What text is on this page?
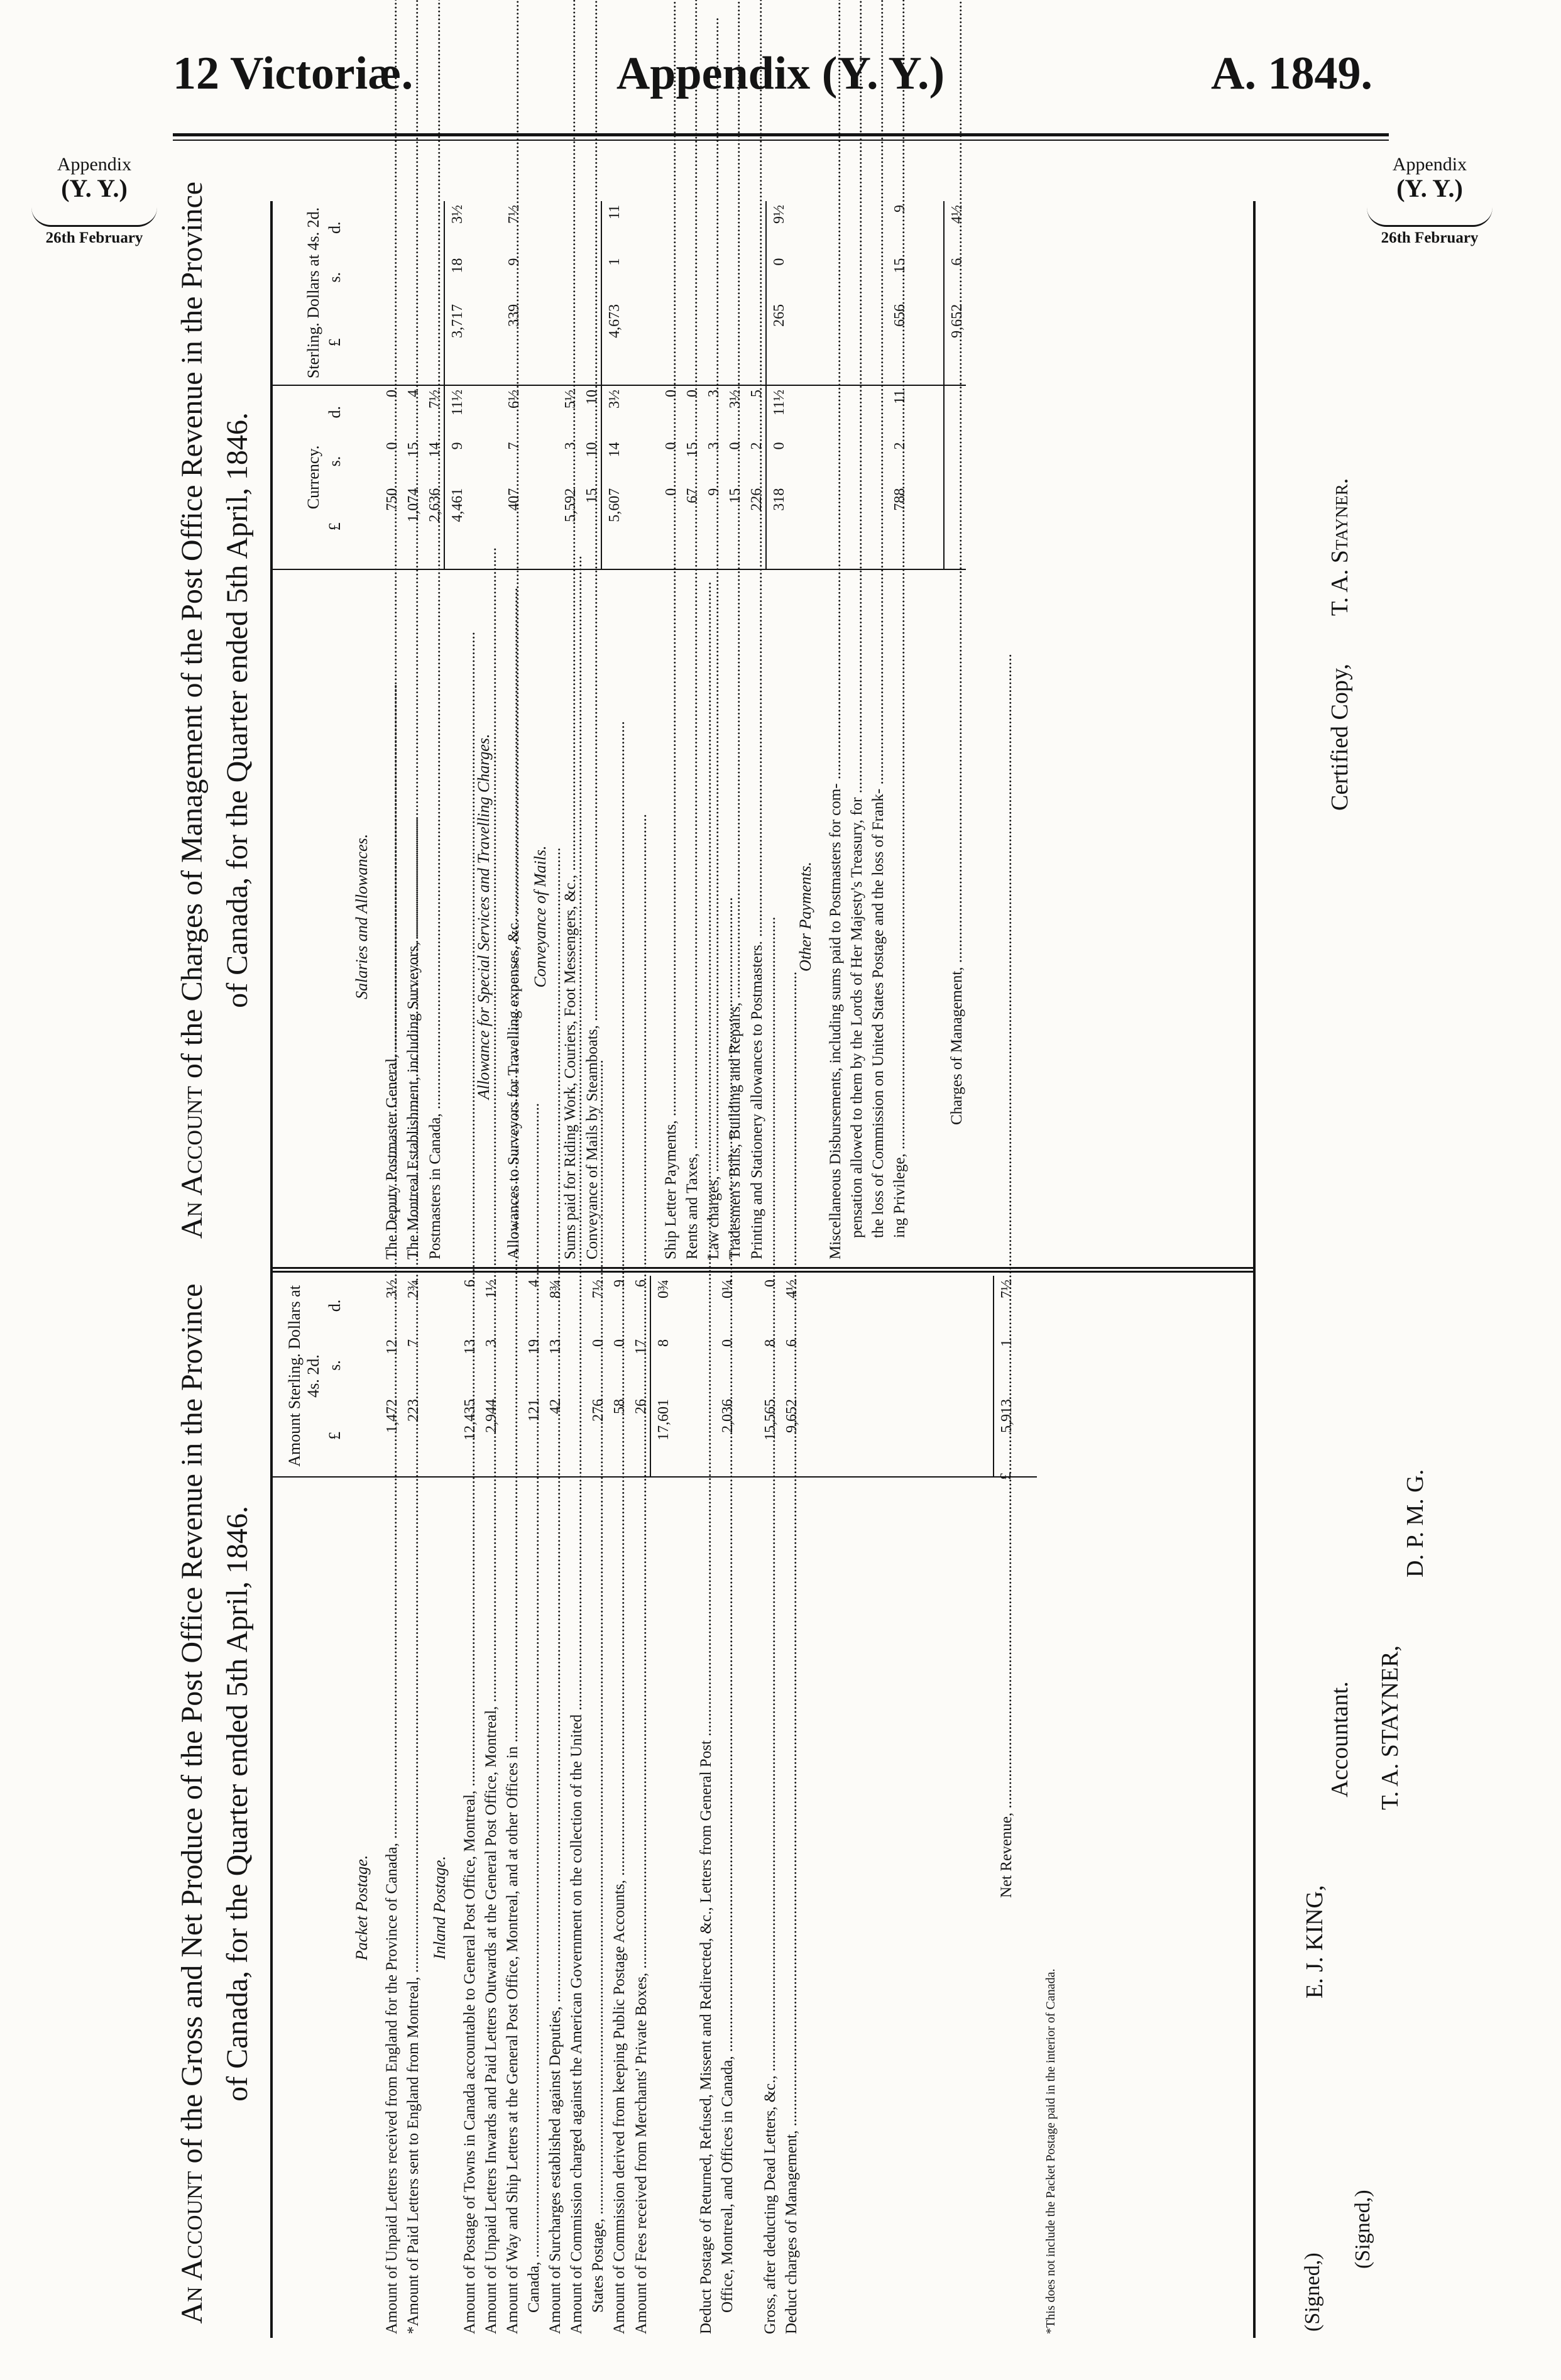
12 Victoriæ.	Appendix (Y. Y.)	A. 1849.
Appendix
(Y. Y.)
26th February
Appendix
(Y. Y.)
26th February
An Account of the Gross and Net Produce of the Post Office Revenue in the Province of Canada, for the Quarter ended 5th April, 1846.
An Account of the Charges of Management of the Post Office Revenue in the Province of Canada, for the Quarter ended 5th April, 1846.
	Amount Sterling. Dollars at 4s. 2d.		
	£	s.	d.
Packet Postage.			
Amount of Unpaid Letters received from England for the Province of Canada, .....	1,472	12	3½
*Amount of Paid Letters sent to England from Montreal, .....	223	7	2¾
Inland Postage.			
Amount of Postage of Towns in Canada accountable to General Post Office, Montreal, .....	12,435	13	6
Amount of Unpaid Letters Inwards and Paid Letters Outwards at the General Post Office, Montreal, .....	2,944	3	1½
Amount of Way and Ship Letters at the General Post Office, Montreal, and at other Offices in .....			
Canada, .....	121	19	4
Amount of Surcharges established against Deputies, .....	42	13	8¾
Amount of Commission charged against the American Government on the collection of the United .....			
States Postage, .....	276	0	7½
Amount of Commission derived from keeping Public Postage Accounts, .....	58	0	9
Amount of Fees received from Merchants' Private Boxes, .....	26	17	6
	17,601	8	0¾

Deduct Postage of Returned, Refused, Missent and Redirected, &c., Letters from General Post .....			
Office, Montreal, and Offices in Canada, .....	2,036	0	0¼

Gross, after deducting Dead Letters, &c., .....	15,565	8	0
Deduct charges of Management, .....	9,652	6	4½

Net Revenue, .....
£	5,913	1	7½

*This does not include the Packet Postage paid in the interior of Canada.			
	Currency.			Sterling. Dollars at 4s. 2d.		
	£	s.	d.	£	s.	d.
Salaries and Allowances.						
The Deputy Postmaster General, .....	750	0	0			
The Montreal Establishment, including Surveyors, .....	1,074	15	4			
Postmasters in Canada, .....	2,636	14	7½			
	4,461	9	11½	3,717	18	3½
Allowance for Special Services and Travelling Charges.						
Allowances to Surveyors for Travelling expenses, &c. .....	407	7	6½	339	9	7½
Conveyance of Mails.						
Sums paid for Riding Work, Couriers, Foot Messengers, &c., .....	5,592	3	5½			
Conveyance of Mails by Steamboats, .....	15	10	10			
	5,607	14	3½	4,673	1	11

Ship Letter Payments, .....	0	0	0			
Rents and Taxes, .....	67	15	0			
Law charges, .....	9	3	3			
Tradesmen's Bills, Building and Repairs, .....	15	0	3½			
Printing and Stationery allowances to Postmasters. .....	226	2	5			
	318	0	11½	265	0	9½
Other Payments.						
Miscellaneous Disbursements, including sums paid to Postmasters for com- .....						
pensation allowed to them by the Lords of Her Majesty's Treasury, for .....						
the loss of Commission on United States Postage and the loss of Frank- .....						
ing Privilege, .....	788	2	11	656	15	9

Charges of Management, .....				9,652	6	4½
(Signed,)
E. J. KING,
Accountant.
(Signed,)
T. A. STAYNER,
D. P. M. G.
Certified Copy,
T. A. Stayner.
